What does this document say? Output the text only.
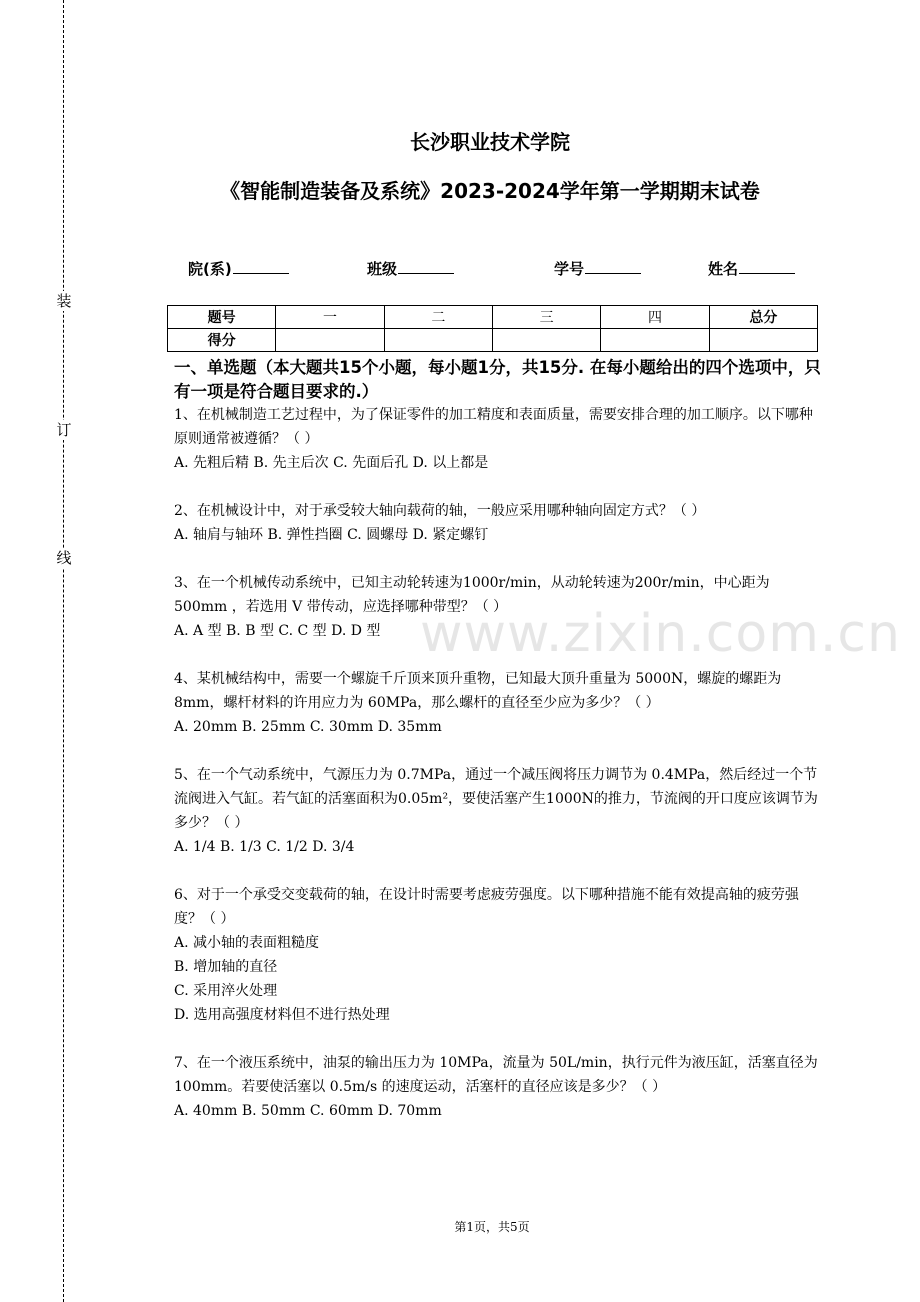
装
订
线
长沙职业技术学院
《智能制造装备及系统》2023-2024学年第一学期期末试卷
院(系)	班级	学号	姓名
题号	一	二	三	四	总分
得分					
一、单选题（本大题共15个小题，每小题1分，共15分. 在每小题给出的四个选项中，只有一项是符合题目要求的.）
www.zixin.com.cn

1、在机械制造工艺过程中，为了保证零件的加工精度和表面质量，需要安排合理的加工顺序。以下哪种原则通常被遵循？（ ）

A. 先粗后精 B. 先主后次 C. 先面后孔 D. 以上都是

2、在机械设计中，对于承受较大轴向载荷的轴，一般应采用哪种轴向固定方式？（ ）

A. 轴肩与轴环 B. 弹性挡圈 C. 圆螺母 D. 紧定螺钉

3、在一个机械传动系统中，已知主动轮转速为1000r/min，从动轮转速为200r/min，中心距为 500mm ，若选用 V 带传动，应选择哪种带型？（ ）

A. A 型 B. B 型 C. C 型 D. D 型

4、某机械结构中，需要一个螺旋千斤顶来顶升重物，已知最大顶升重量为 5000N，螺旋的螺距为 8mm，螺杆材料的许用应力为 60MPa，那么螺杆的直径至少应为多少？（ ）

A. 20mm B. 25mm C. 30mm D. 35mm

5、在一个气动系统中，气源压力为 0.7MPa，通过一个减压阀将压力调节为 0.4MPa，然后经过一个节流阀进入气缸。若气缸的活塞面积为0.05m²，要使活塞产生1000N的推力，节流阀的开口度应该调节为多少？（ ）

A. 1/4 B. 1/3 C. 1/2 D. 3/4

6、对于一个承受交变载荷的轴，在设计时需要考虑疲劳强度。以下哪种措施不能有效提高轴的疲劳强度？（ ）

A. 减小轴的表面粗糙度

B. 增加轴的直径

C. 采用淬火处理

D. 选用高强度材料但不进行热处理

7、在一个液压系统中，油泵的输出压力为 10MPa，流量为 50L/min，执行元件为液压缸，活塞直径为 100mm。若要使活塞以 0.5m/s 的速度运动，活塞杆的直径应该是多少？（ ）

A. 40mm B. 50mm C. 60mm D. 70mm

第1页，共5页
